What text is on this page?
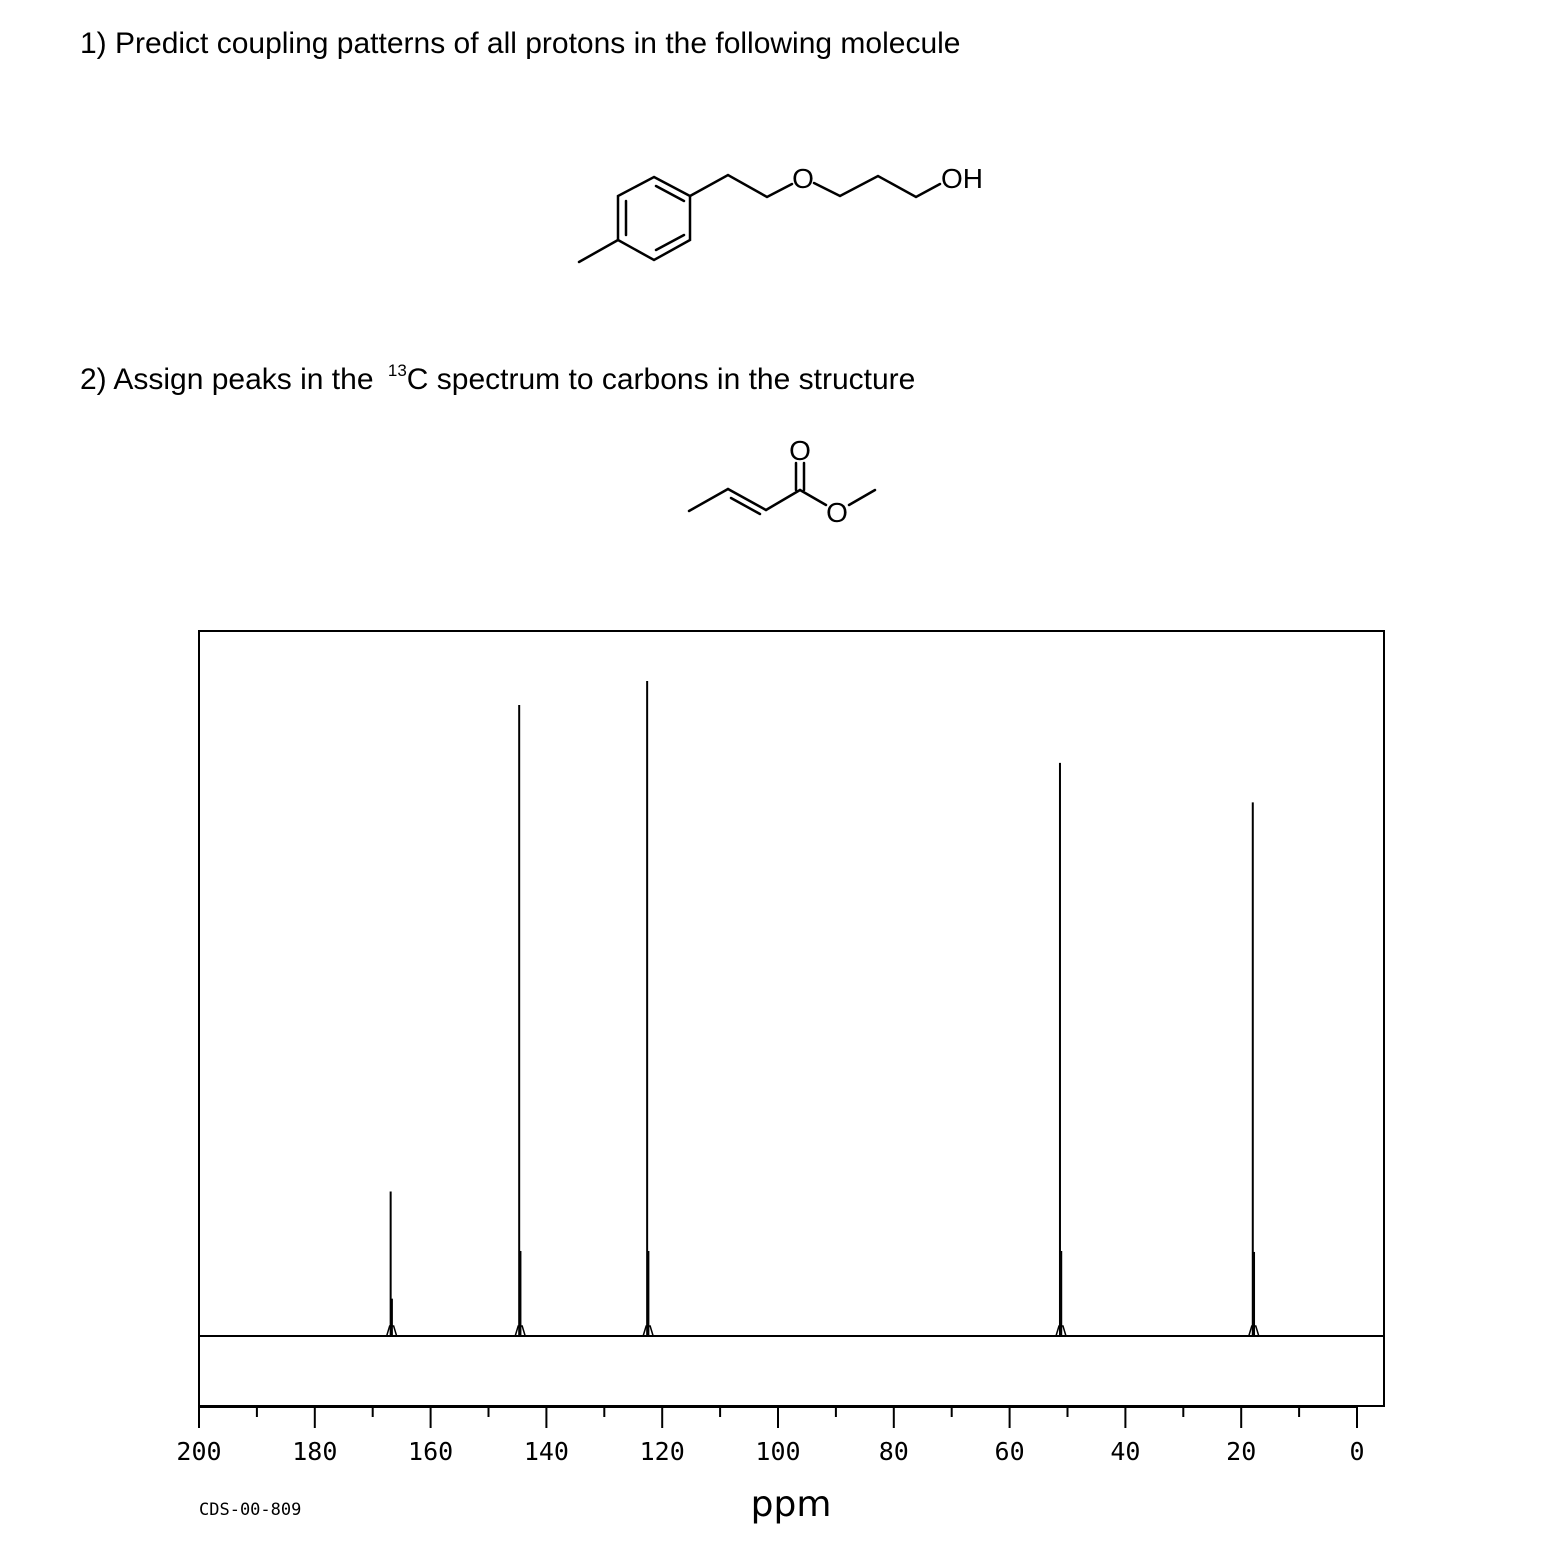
1) Predict coupling patterns of all protons in the following molecule
O	OH
2) Assign peaks in the $^{13}$C spectrum to carbons in the structure
O
O
200	180	160	140	120	100	80	60	40	20	0
CDS-00-809	ppm
